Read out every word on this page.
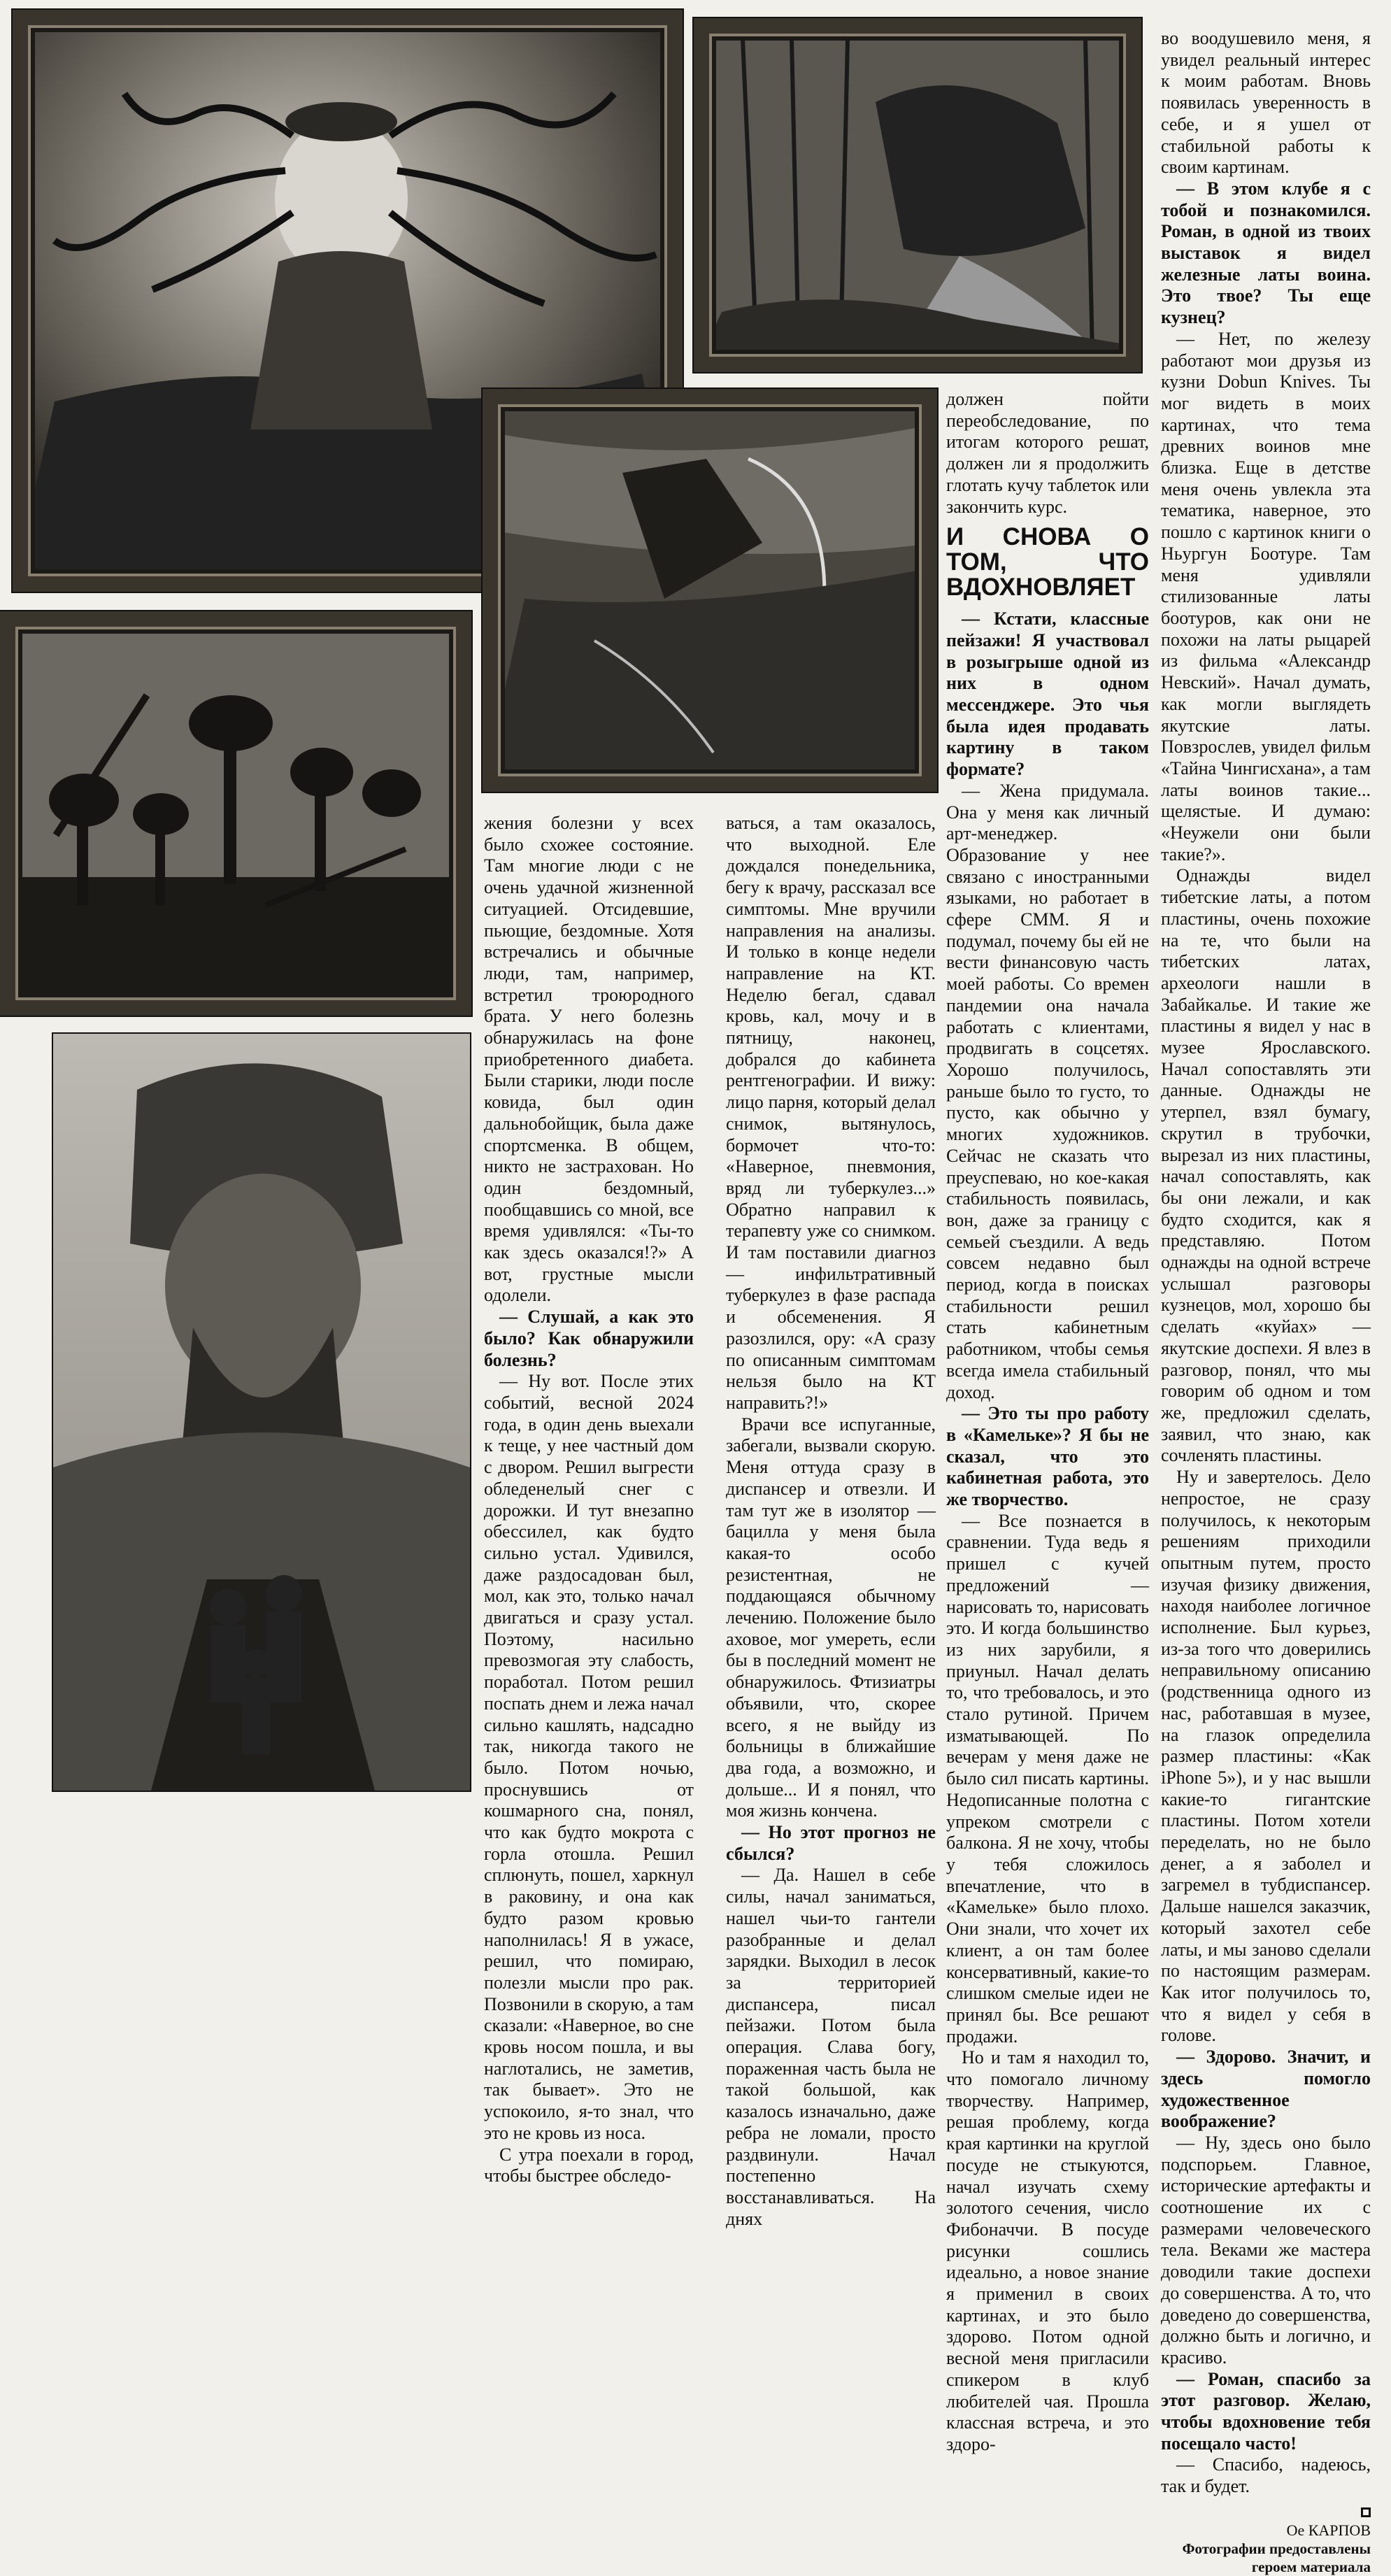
жения болезни у всех было схожее состояние. Там многие люди с не очень удачной жизненной ситуацией. Отсидевшие, пьющие, бездомные. Хотя встречались и обычные люди, там, например, встретил троюродного брата. У него болезнь обнаружилась на фоне приобретенного диабета. Были старики, люди после ковида, был один дальнобойщик, была даже спортсменка. В общем, никто не застрахован. Но один бездомный, пообщавшись со мной, все время удивлялся: «Ты-то как здесь оказался!?» А вот, грустные мысли одолели.

— Слушай, а как это было? Как обнаружили болезнь?

— Ну вот. После этих событий, весной 2024 года, в один день выехали к теще, у нее частный дом с двором. Решил выгрести обледенелый снег с дорожки. И тут внезапно обессилел, как будто сильно устал. Удивился, даже раздосадован был, мол, как это, только начал двигаться и сразу устал. Поэтому, насильно превозмогая эту слабость, поработал. Потом решил поспать днем и лежа начал сильно кашлять, надсадно так, никогда такого не было. Потом ночью, проснувшись от кошмарного сна, понял, что как будто мокрота с горла отошла. Решил сплюнуть, пошел, харкнул в раковину, и она как будто разом кровью наполнилась! Я в ужасе, решил, что помираю, полезли мысли про рак. Позвонили в скорую, а там сказали: «Наверное, во сне кровь носом пошла, и вы наглотались, не заметив, так бывает». Это не успокоило, я-то знал, что это не кровь из носа.

С утра поехали в город, чтобы быстрее обследо-

ваться, а там оказалось, что выходной. Еле дождался понедельника, бегу к врачу, рассказал все симптомы. Мне вручили направления на анализы. И только в конце недели направление на КТ. Неделю бегал, сдавал кровь, кал, мочу и в пятницу, наконец, добрался до кабинета рентгенографии. И вижу: лицо парня, который делал снимок, вытянулось, бормочет что-то: «Наверное, пневмония, вряд ли туберкулез...» Обратно направил к терапевту уже со снимком. И там поставили диагноз — инфильтративный туберкулез в фазе распада и обсеменения. Я разозлился, ору: «А сразу по описанным симптомам нельзя было на КТ направить?!»

Врачи все испуганные, забегали, вызвали скорую. Меня оттуда сразу в диспансер и отвезли. И там тут же в изолятор — бацилла у меня была какая-то особо резистентная, не поддающаяся обычному лечению. Положение было аховое, мог умереть, если бы в последний момент не обнаружилось. Фтизиатры объявили, что, скорее всего, я не выйду из больницы в ближайшие два года, а возможно, и дольше... И я понял, что моя жизнь кончена.

— Но этот прогноз не сбылся?

— Да. Нашел в себе силы, начал заниматься, нашел чьи-то гантели разобранные и делал зарядки. Выходил в лесок за территорией диспансера, писал пейзажи. Потом была операция. Слава богу, пораженная часть была не такой большой, как казалось изначально, даже ребра не ломали, просто раздвинули. Начал постепенно восстанавливаться. На днях

должен пойти переобследование, по итогам которого решат, должен ли я продолжить глотать кучу таблеток или закончить курс.

И СНОВА О ТОМ, ЧТО ВДОХНОВЛЯЕТ

— Кстати, классные пейзажи! Я участвовал в розыгрыше одной из них в одном мессенджере. Это чья была идея продавать картину в таком формате?

— Жена придумала. Она у меня как личный арт-менеджер. Образование у нее связано с иностранными языками, но работает в сфере СММ. Я и подумал, почему бы ей не вести финансовую часть моей работы. Со времен пандемии она начала работать с клиентами, продвигать в соцсетях. Хорошо получилось, раньше было то густо, то пусто, как обычно у многих художников. Сейчас не сказать что преуспеваю, но кое-какая стабильность появилась, вон, даже за границу с семьей съездили. А ведь совсем недавно был период, когда в поисках стабильности решил стать кабинетным работником, чтобы семья всегда имела стабильный доход.

— Это ты про работу в «Камельке»? Я бы не сказал, что это кабинетная работа, это же творчество.

— Все познается в сравнении. Туда ведь я пришел с кучей предложений — нарисовать то, нарисовать это. И когда большинство из них зарубили, я приуныл. Начал делать то, что требовалось, и это стало рутиной. Причем изматывающей. По вечерам у меня даже не было сил писать картины. Недописанные полотна с упреком смотрели с балкона. Я не хочу, чтобы у тебя сложилось впечатление, что в «Камельке» было плохо. Они знали, что хочет их клиент, а он там более консервативный, какие-то слишком смелые идеи не принял бы. Все решают продажи.

Но и там я находил то, что помогало личному творчеству. Например, решая проблему, когда края картинки на круглой посуде не стыкуются, начал изучать схему золотого сечения, число Фибоначчи. В посуде рисунки сошлись идеально, а новое знание я применил в своих картинах, и это было здорово. Потом одной весной меня пригласили спикером в клуб любителей чая. Прошла классная встреча, и это здоро-

во воодушевило меня, я увидел реальный интерес к моим работам. Вновь появилась уверенность в себе, и я ушел от стабильной работы к своим картинам.

— В этом клубе я с тобой и познакомился. Роман, в одной из твоих выставок я видел железные латы воина. Это твое? Ты еще кузнец?

— Нет, по железу работают мои друзья из кузни Dobun Knives. Ты мог видеть в моих картинах, что тема древних воинов мне близка. Еще в детстве меня очень увлекла эта тематика, наверное, это пошло с картинок книги о Ньургун Боотуре. Там меня удивляли стилизованные латы боотуров, как они не похожи на латы рыцарей из фильма «Александр Невский». Начал думать, как могли выглядеть якутские латы. Повзрослев, увидел фильм «Тайна Чингисхана», а там латы воинов такие... щелястые. И думаю: «Неужели они были такие?».

Однажды видел тибетские латы, а потом пластины, очень похожие на те, что были на тибетских латах, археологи нашли в Забайкалье. И такие же пластины я видел у нас в музее Ярославского. Начал сопоставлять эти данные. Однажды не утерпел, взял бумагу, скрутил в трубочки, вырезал из них пластины, начал сопоставлять, как бы они лежали, и как будто сходится, как я представляю. Потом однажды на одной встрече услышал разговоры кузнецов, мол, хорошо бы сделать «куйах» — якутские доспехи. Я влез в разговор, понял, что мы говорим об одном и том же, предложил сделать, заявил, что знаю, как сочленять пластины.

Ну и завертелось. Дело непростое, не сразу получилось, к некоторым решениям приходили опытным путем, просто изучая физику движения, находя наиболее логичное исполнение. Был курьез, из-за того что доверились неправильному описанию (родственница одного из нас, работавшая в музее, на глазок определила размер пластины: «Как iPhone 5»), и у нас вышли какие-то гигантские пластины. Потом хотели переделать, но не было денег, а я заболел и загремел в тубдиспансер. Дальше нашелся заказчик, который захотел себе латы, и мы заново сделали по настоящим размерам. Как итог получилось то, что я видел у себя в голове.

— Здорово. Значит, и здесь помогло художественное воображение?

— Ну, здесь оно было подспорьем. Главное, исторические артефакты и соотношение их с размерами человеческого тела. Веками же мастера доводили такие доспехи до совершенства. А то, что доведено до совершенства, должно быть и логично, и красиво.

— Роман, спасибо за этот разговор. Желаю, чтобы вдохновение тебя посещало часто!

— Спасибо, надеюсь, так и будет.

Ое КАРПОВ
Фотографии предоставлены
героем материала
